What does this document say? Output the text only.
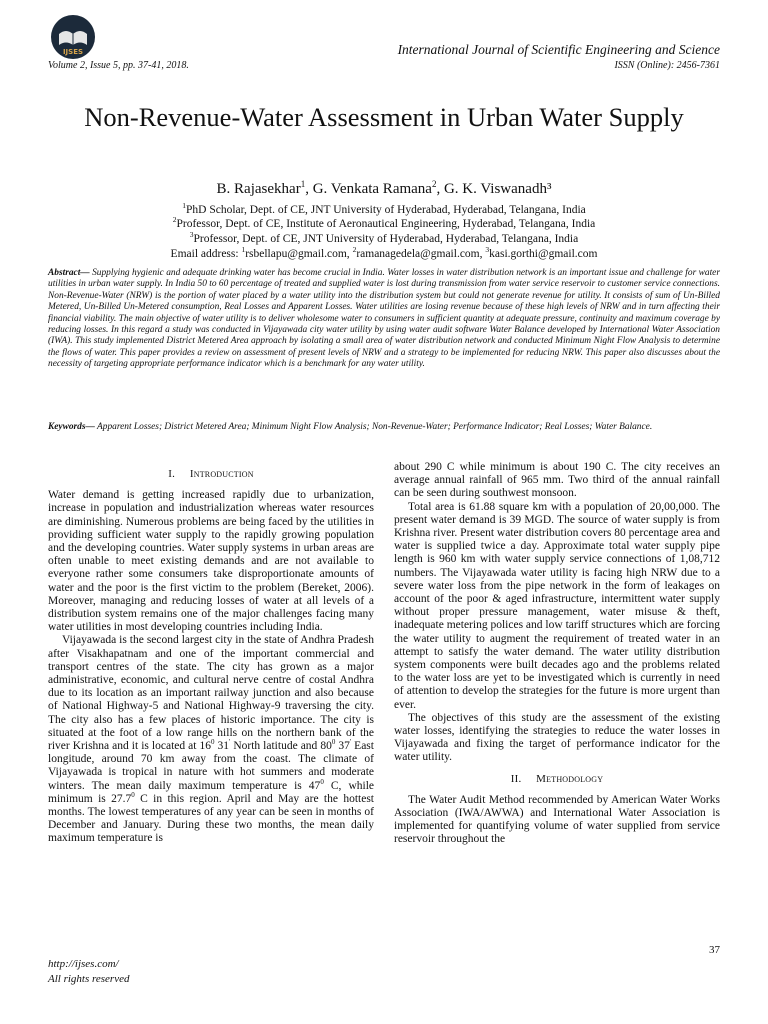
IJSES	International Journal of Scientific Engineering and Science
Volume 2, Issue 5, pp. 37-41, 2018.	ISSN (Online): 2456-7361
Non-Revenue-Water Assessment in Urban Water Supply
B. Rajasekhar$^1$, G. Venkata Ramana$^2$, G. K. Viswanadh³
$^1$PhD Scholar, Dept. of CE, JNT University of Hyderabad, Hyderabad, Telangana, India
$^2$Professor, Dept. of CE, Institute of Aeronautical Engineering, Hyderabad, Telangana, India
$^3$Professor, Dept. of CE, JNT University of Hyderabad, Hyderabad, Telangana, India
Email address: $^1$rsbellapu@gmail.com, $^2$ramanagedela@gmail.com, $^3$kasi.gorthi@gmail.com
Abstract— Supplying hygienic and adequate drinking water has become crucial in India. Water losses in water distribution network is an important issue and challenge for water utilities in urban water supply. In India 50 to 60 percentage of treated and supplied water is lost during transmission from water service reservoir to customer service connections. Non-Revenue-Water (NRW) is the portion of water placed by a water utility into the distribution system but could not generate revenue for utility. It consists of sum of Un-Billed Metered, Un-Billed Un-Metered consumption, Real Losses and Apparent Losses. Water utilities are losing revenue because of these high levels of NRW and in turn affecting their financial viability. The main objective of water utility is to deliver wholesome water to consumers in sufficient quantity at adequate pressure, continuity and maximum coverage by reducing losses. In this regard a study was conducted in Vijayawada city water utility by using water audit software Water Balance developed by International Water Association (IWA). This study implemented District Metered Area approach by isolating a small area of water distribution network and conducted Minimum Night Flow Analysis to determine the flows of water. This paper provides a review on assessment of present levels of NRW and a strategy to be implemented for reducing NRW. This paper also discusses about the necessity of targeting appropriate performance indicator which is a benchmark for any water utility.
Keywords— Apparent Losses; District Metered Area; Minimum Night Flow Analysis; Non-Revenue-Water; Performance Indicator; Real Losses; Water Balance.
I.     Introduction

Water demand is getting increased rapidly due to urbanization, increase in population and industrialization whereas water resources are diminishing. Numerous problems are being faced by the utilities in providing sufficient water supply to the rapidly growing population and the developing countries. Water supply systems in urban areas are often unable to meet existing demands and are not available to everyone rather some consumers take disproportionate amounts of water and the poor is the first victim to the problem (Bereket, 2006). Moreover, managing and reducing losses of water at all levels of a distribution system remains one of the major challenges facing many water utilities in most developing countries including India.

Vijayawada is the second largest city in the state of Andhra Pradesh after Visakhapatnam and one of the important commercial and transport centres of the state. The city has grown as a major administrative, economic, and cultural nerve centre of costal Andhra due to its location as an important railway junction and also because of National Highway-5 and National Highway-9 traversing the city. The city also has a few places of historic importance. The city is situated at the foot of a low range hills on the northern bank of the river Krishna and it is located at $16^0$ 31' North latitude and $80^0$ 37' East longitude, around 70 km away from the coast. The climate of Vijayawada is tropical in nature with hot summers and moderate winters. The mean daily maximum temperature is $47^0$ C, while minimum is 27.7$^0$ C in this region. April and May are the hottest months. The lowest temperatures of any year can be seen in months of December and January. During these two months, the mean daily maximum temperature is

about 290 C while minimum is about 190 C. The city receives an average annual rainfall of 965 mm. Two third of the annual rainfall can be seen during southwest monsoon.

Total area is 61.88 square km with a population of 20,00,000. The present water demand is 39 MGD. The source of water supply is from Krishna river. Present water distribution covers 80 percentage area and water is supplied twice a day. Approximate total water supply pipe length is 960 km with water supply service connections of 1,08,712 numbers. The Vijayawada water utility is facing high NRW due to a severe water loss from the pipe network in the form of leakages on account of the poor & aged infrastructure, intermittent water supply without proper pressure management, water misuse & theft, inadequate metering polices and low tariff structures which are forcing the water utility to augment the requirement of treated water in an attempt to satisfy the water demand. The water utility distribution system components were built decades ago and the problems related to the water loss are yet to be investigated which is currently in need of attention to develop the strategies for the future is more urgent than ever.

The objectives of this study are the assessment of the existing water losses, identifying the strategies to reduce the water losses in Vijayawada and fixing the target of performance indicator for the water utility.

II.     Methodology

The Water Audit Method recommended by American Water Works Association (IWA/AWWA) and International Water Association is implemented for quantifying volume of water supplied from service reservoir throughout the

37
http://ijses.com/
All rights reserved
